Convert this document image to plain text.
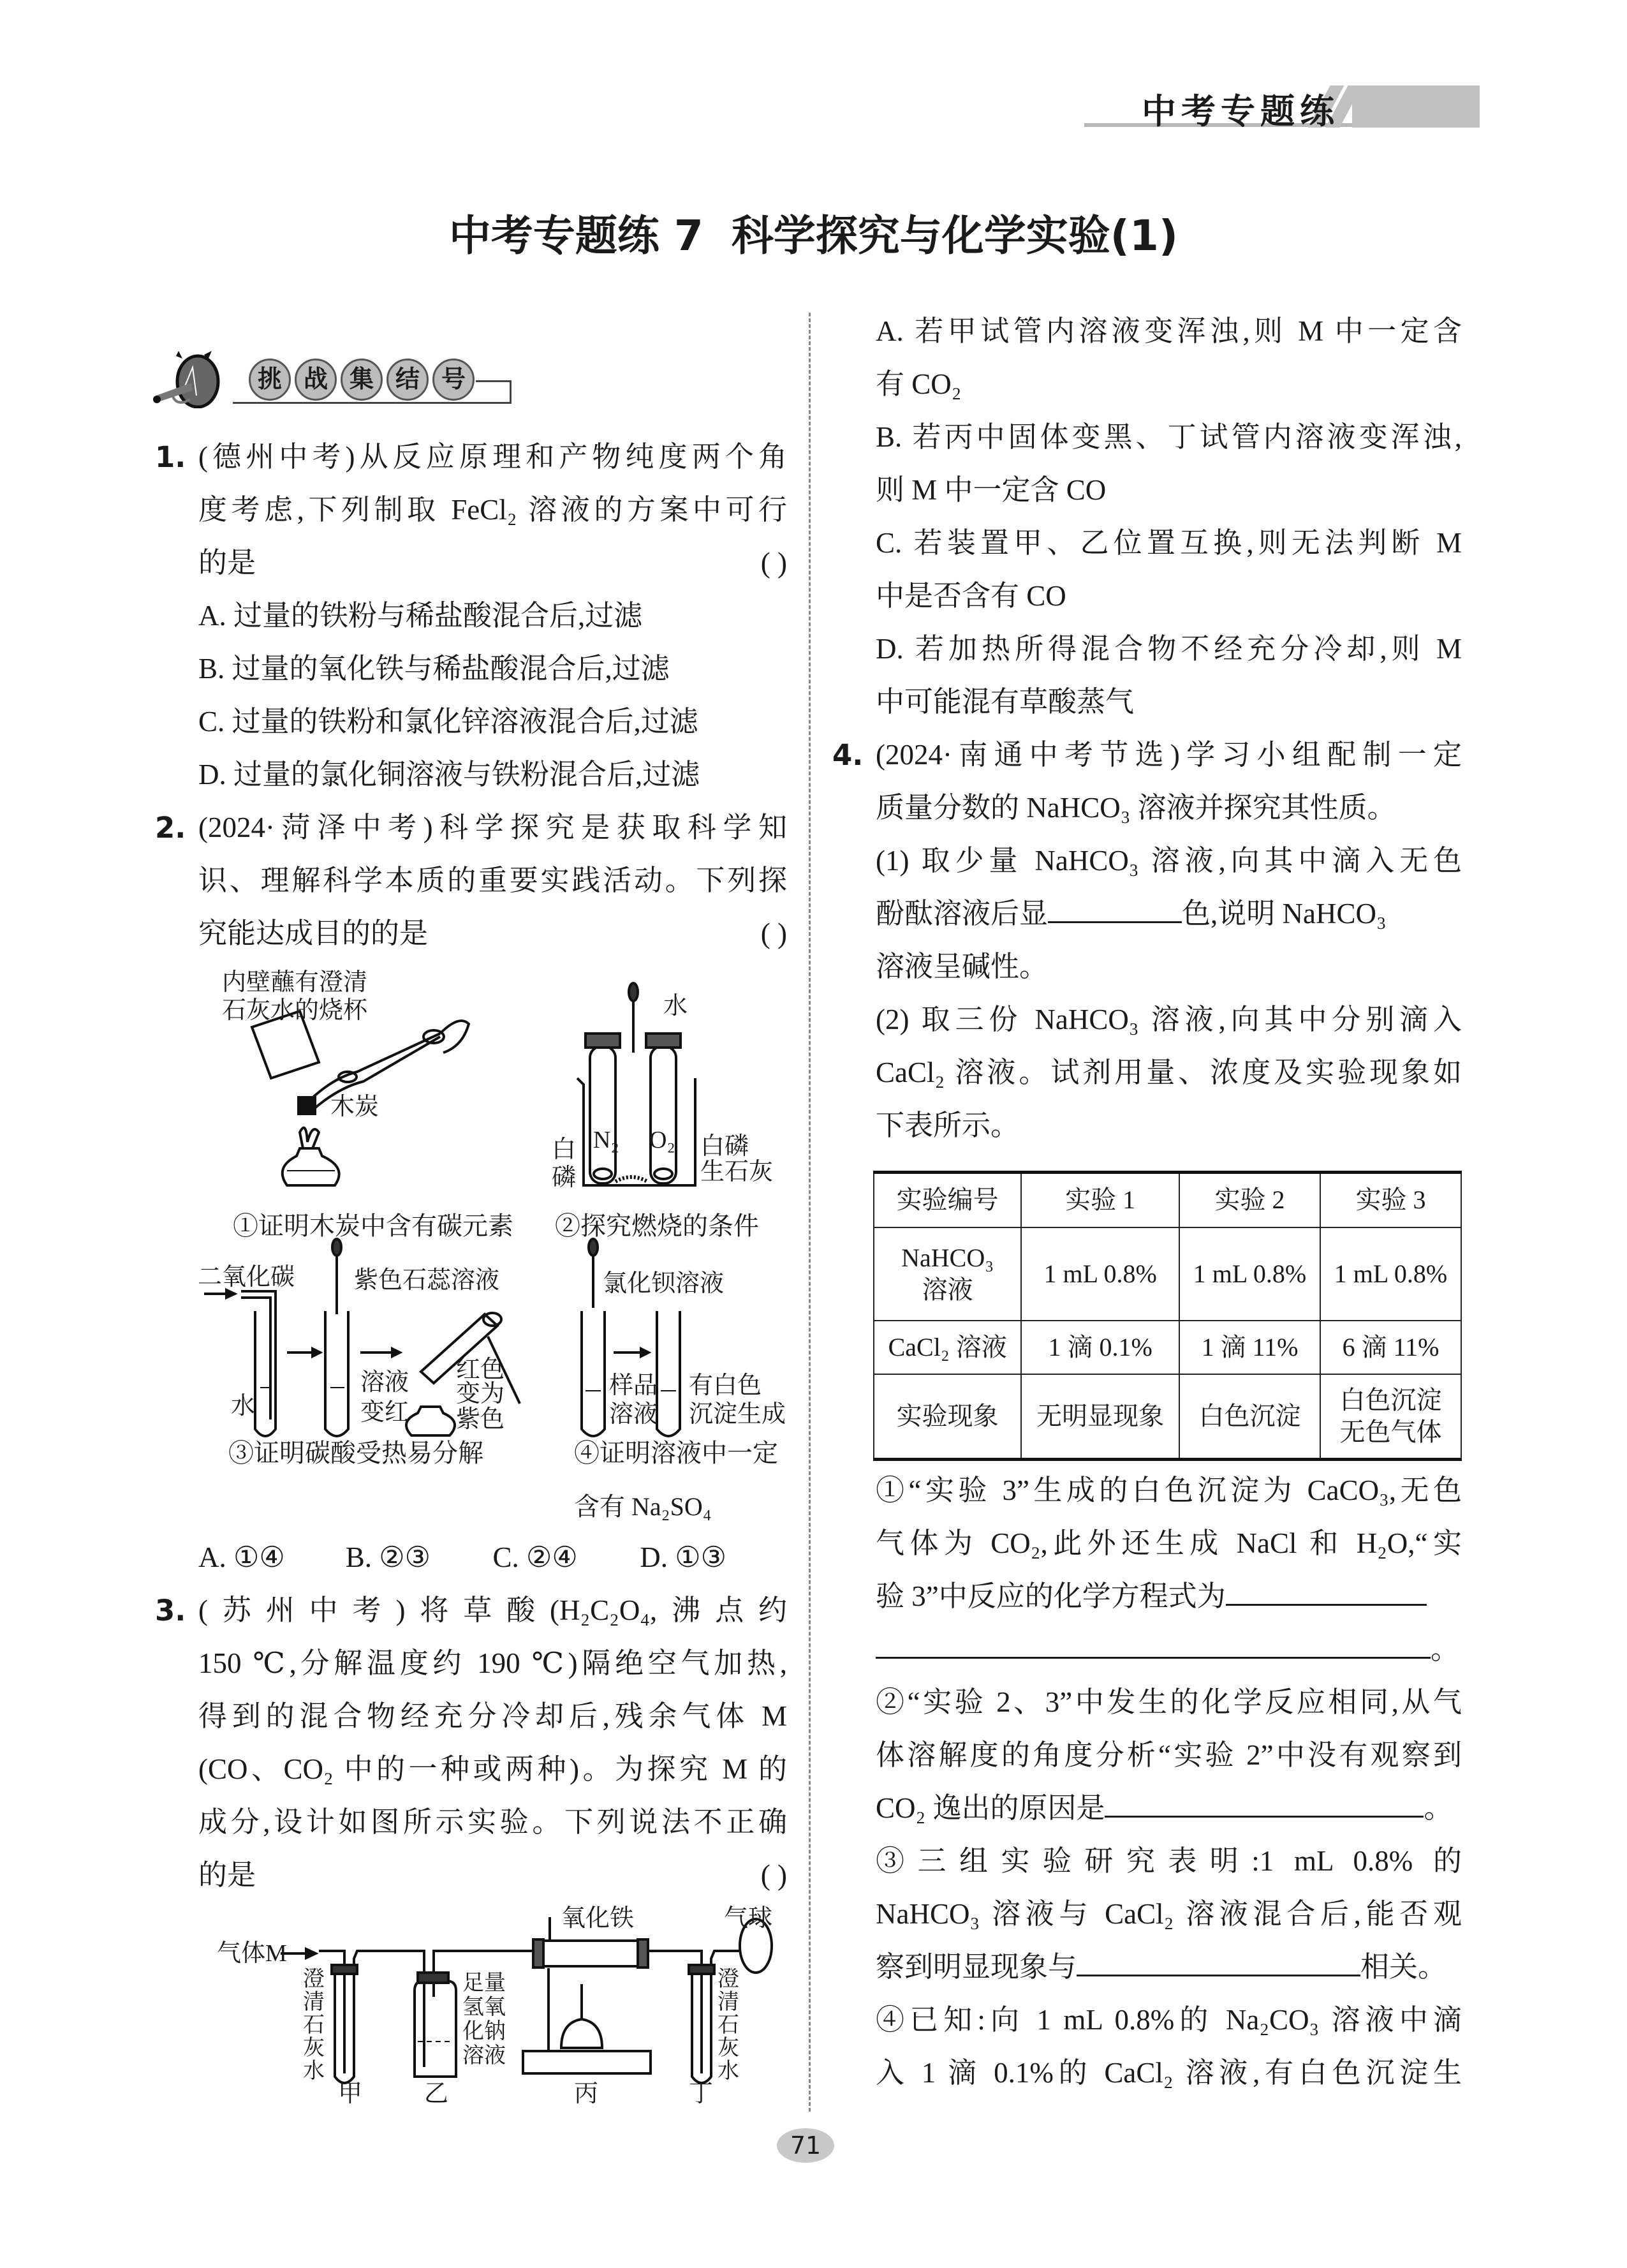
中考专题练
中考专题练 7 科学探究与化学实验(1)
挑 战 集 结 号
1. (德州中考)从反应原理和产物纯度两个角
度考虑,下列制取 FeCl₂ 溶液的方案中可行
的是	( )
A. 过量的铁粉与稀盐酸混合后,过滤
B. 过量的氧化铁与稀盐酸混合后,过滤
C. 过量的铁粉和氯化锌溶液混合后,过滤
D. 过量的氯化铜溶液与铁粉混合后,过滤
2. (2024·菏泽中考)科学探究是获取科学知
识、理解科学本质的重要实践活动。下列探
究能达成目的的是	( )
A. ①④	B. ②③	C. ②④	D. ①③
3. (苏州中考)将草酸(H₂C₂O₄,沸点约
150 ℃,分解温度约 190 ℃)隔绝空气加热,
得到的混合物经充分冷却后,残余气体 M
(CO、CO₂ 中的一种或两种)。为探究 M 的
成分,设计如图所示实验。下列说法不正确
的是	( )
内壁蘸有澄清
石灰水的烧杯
木炭
①证明木炭中含有碳元素
水
N₂ O₂
白
磷
白磷
生石灰
②探究燃烧的条件
二氧化碳 紫色石蕊溶液
水
溶液
变红
红色
变为
紫色
③证明碳酸受热易分解
氯化钡溶液
样品
溶液
有白色
沉淀生成
④证明溶液中一定
含有 Na₂SO₄
气体M
澄清石灰水
甲
足量氢氧化钠溶液
乙
氧化铁
丙
气球
澄清石灰水
丁
A. 若甲试管内溶液变浑浊,则 M 中一定含
有 CO₂
B. 若丙中固体变黑、丁试管内溶液变浑浊,
则 M 中一定含 CO
C. 若装置甲、乙位置互换,则无法判断 M
中是否含有 CO
D. 若加热所得混合物不经充分冷却,则 M
中可能混有草酸蒸气
4. (2024·南通中考节选)学习小组配制一定
质量分数的 NaHCO₃ 溶液并探究其性质。
(1) 取少量 NaHCO₃ 溶液,向其中滴入无色
酚酞溶液后显	色,说明 NaHCO₃
溶液呈碱性。
(2) 取三份 NaHCO₃ 溶液,向其中分别滴入
CaCl₂ 溶液。试剂用量、浓度及实验现象如
下表所示。
①“实验 3”生成的白色沉淀为 CaCO₃,无色
气体为 CO₂,此外还生成 NaCl 和 H₂O,“实
验 3”中反应的化学方程式为
。
②“实验 2、3”中发生的化学反应相同,从气
体溶解度的角度分析“实验 2”中没有观察到
CO₂ 逸出的原因是	。
③三组实验研究表明:1 mL 0.8% 的
NaHCO₃ 溶液与 CaCl₂ 溶液混合后,能否观
察到明显现象与	相关。
④已知:向 1 mL 0.8%的 Na₂CO₃ 溶液中滴
入 1 滴 0.1%的 CaCl₂ 溶液,有白色沉淀生
实验编号	实验 1	实验 2	实验 3

NaHCO₃
溶液	1 mL 0.8%	1 mL 0.8%	1 mL 0.8%
CaCl₂ 溶液	1 滴 0.1%	1 滴 11%	6 滴 11%
实验现象	无明显现象	白色沉淀	白色沉淀
无色气体
71
